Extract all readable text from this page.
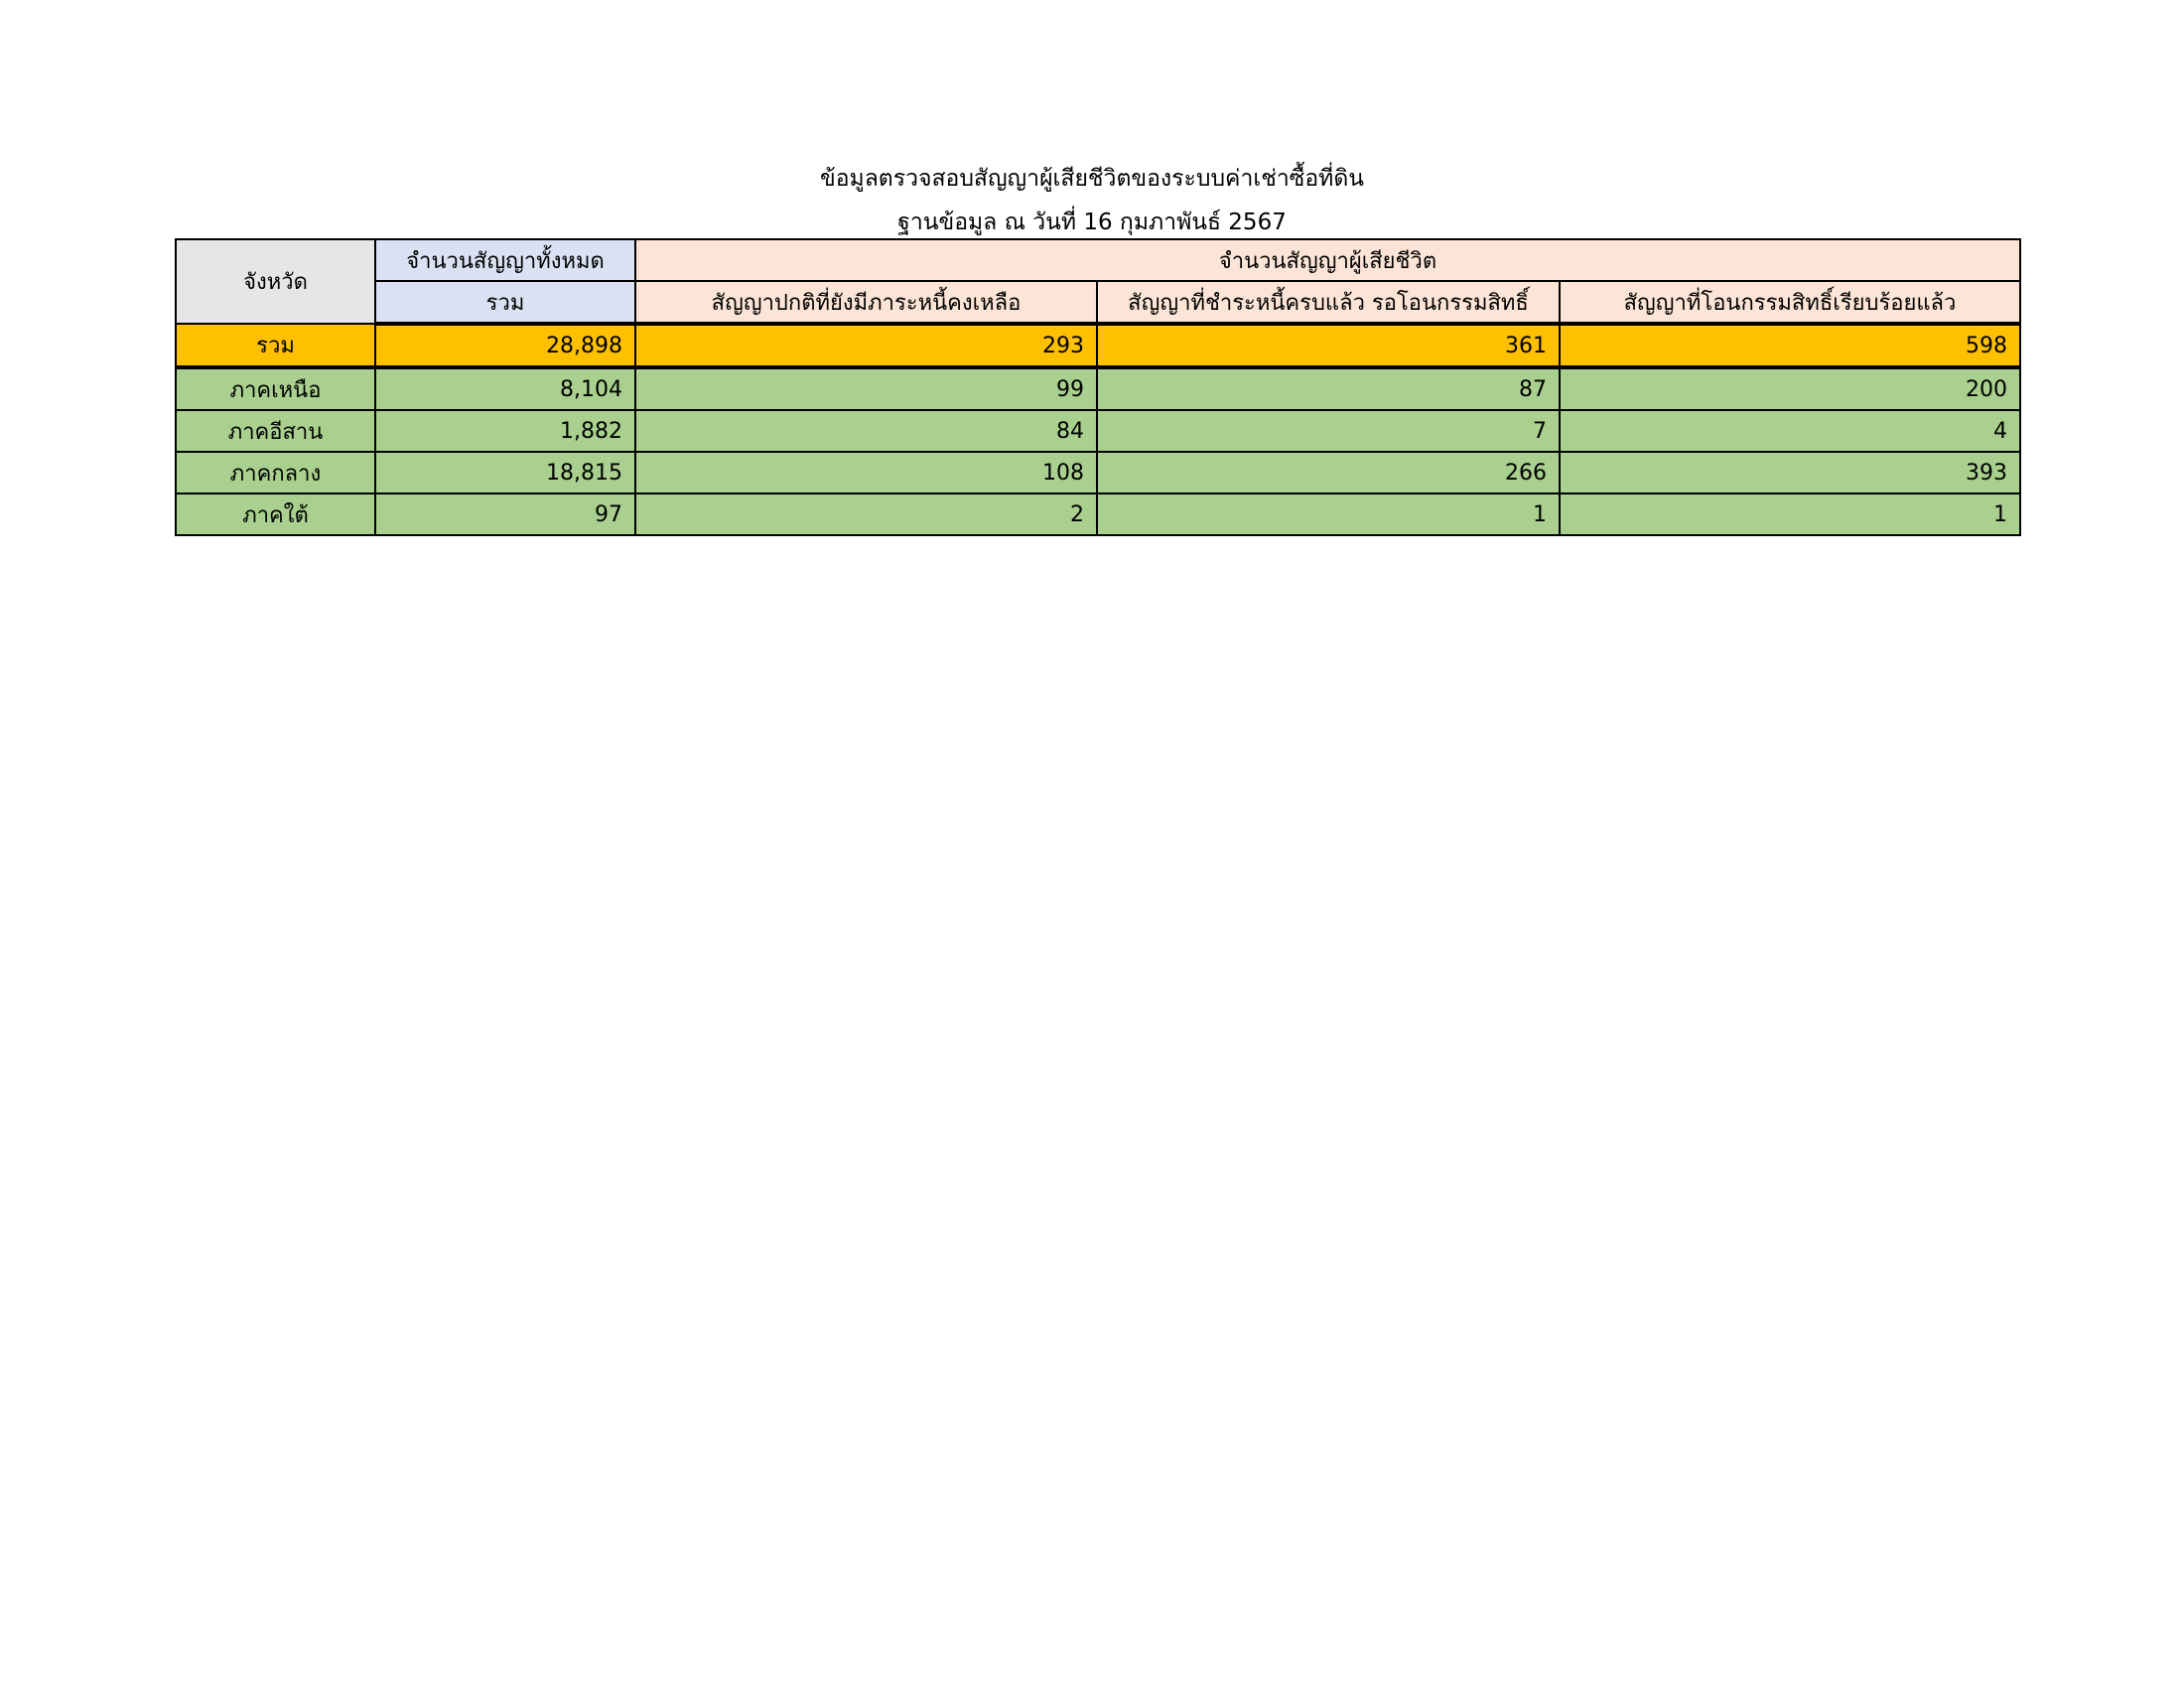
ข้อมูลตรวจสอบสัญญาผู้เสียชีวิตของระบบค่าเช่าซื้อที่ดิน
ฐานข้อมูล ณ วันที่ 16 กุมภาพันธ์ 2567
จังหวัด	จำนวนสัญญาทั้งหมด	จำนวนสัญญาผู้เสียชีวิต		
	รวม	สัญญาปกติที่ยังมีภาระหนี้คงเหลือ	สัญญาที่ชำระหนี้ครบแล้ว รอโอนกรรมสิทธิ์	สัญญาที่โอนกรรมสิทธิ์เรียบร้อยแล้ว
รวม	28,898	293	361	598
ภาคเหนือ	8,104	99	87	200
ภาคอีสาน	1,882	84	7	4
ภาคกลาง	18,815	108	266	393
ภาคใต้	97	2	1	1
